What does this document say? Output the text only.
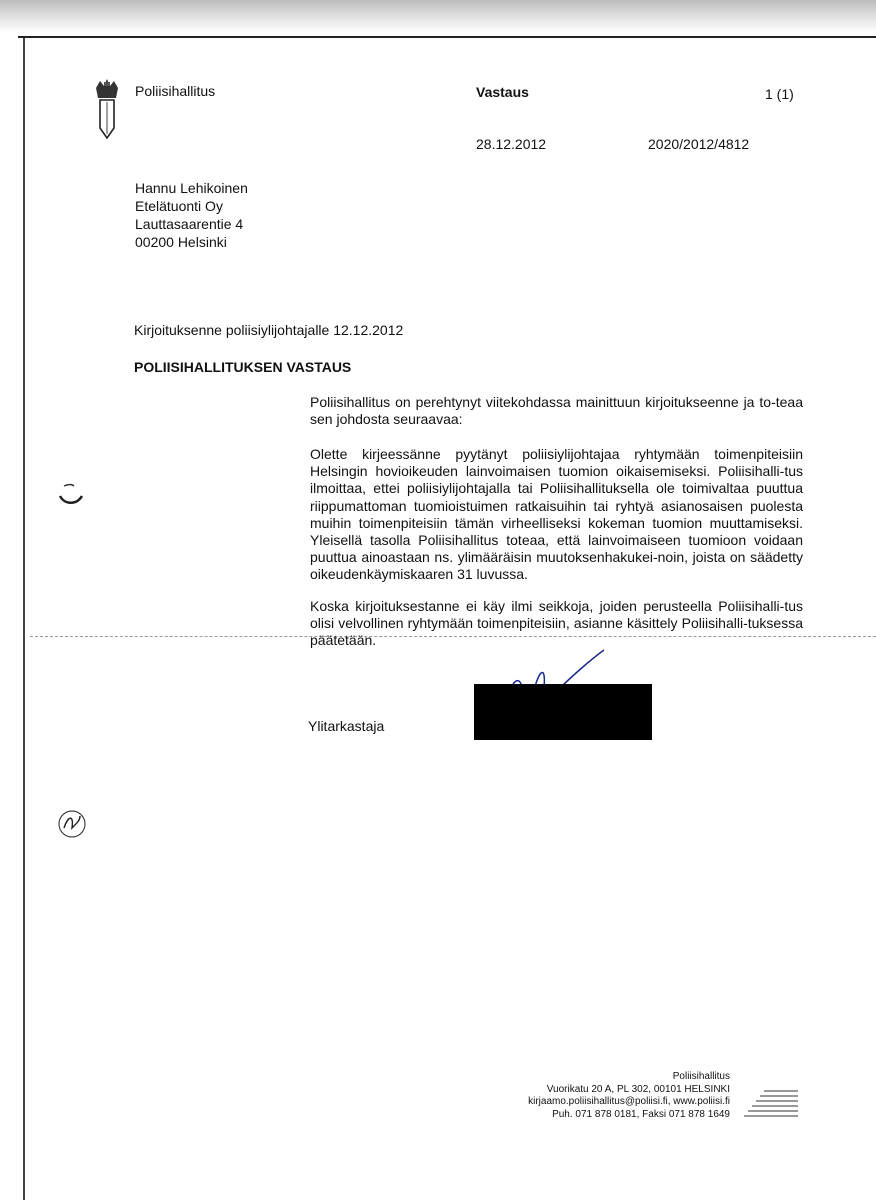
Poliisihallitus	Vastaus	1 (1)
28.12.2012	2020/2012/4812
Hannu Lehikoinen
Etelätuonti Oy
Lauttasaarentie 4
00200 Helsinki
Kirjoituksenne poliisiylijohtajalle 12.12.2012
POLIISIHALLITUKSEN VASTAUS
Poliisihallitus on perehtynyt viitekohdassa mainittuun kirjoitukseenne ja to-teaa sen johdosta seuraavaa:
Olette kirjeessänne pyytänyt poliisiylijohtajaa ryhtymään toimenpiteisiin Helsingin hovioikeuden lainvoimaisen tuomion oikaisemiseksi. Poliisihalli-tus ilmoittaa, ettei poliisiylijohtajalla tai Poliisihallituksella ole toimivaltaa puuttua riippumattoman tuomioistuimen ratkaisuihin tai ryhtyä asianosaisen puolesta muihin toimenpiteisiin tämän virheelliseksi kokeman tuomion muuttamiseksi. Yleisellä tasolla Poliisihallitus toteaa, että lainvoimaiseen tuomioon voidaan puuttua ainoastaan ns. ylimääräisin muutoksenhakukei-noin, joista on säädetty oikeudenkäymiskaaren 31 luvussa.
Koska kirjoituksestanne ei käy ilmi seikkoja, joiden perusteella Poliisihalli-tus olisi velvollinen ryhtymään toimenpiteisiin, asianne käsittely Poliisihalli-tuksessa päätetään.
Ylitarkastaja
Poliisihallitus
Vuorikatu 20 A, PL 302, 00101 HELSINKI
kirjaamo.poliisihallitus@poliisi.fi, www.poliisi.fi
Puh. 071 878 0181, Faksi 071 878 1649
